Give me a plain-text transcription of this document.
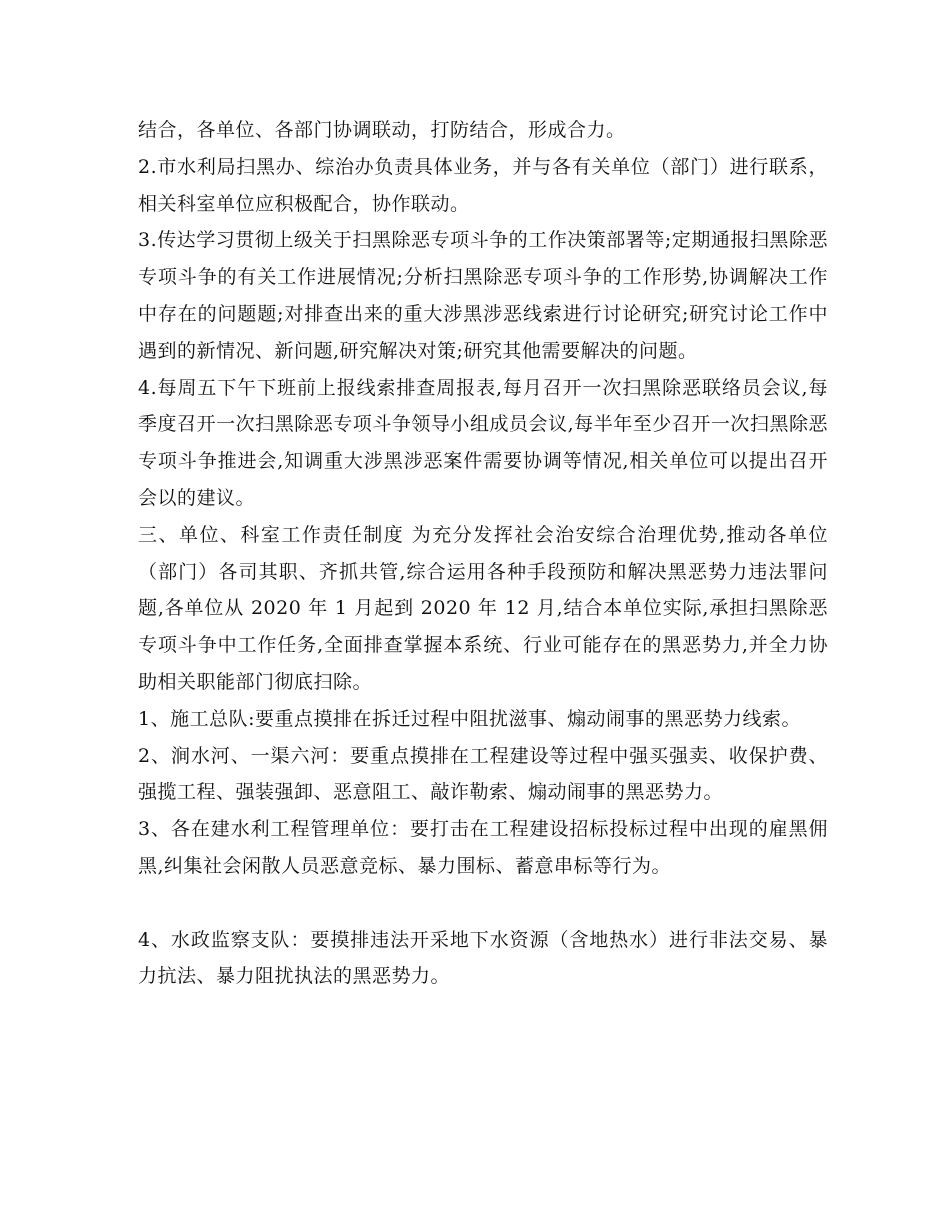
结合，各单位、各部门协调联动，打防结合，形成合力。

2.市水利局扫黑办、综治办负责具体业务，并与各有关单位（部门）进行联系，相关科室单位应积极配合，协作联动。

3.传达学习贯彻上级关于扫黑除恶专项斗争的工作决策部署等;定期通报扫黑除恶专项斗争的有关工作进展情况;分析扫黑除恶专项斗争的工作形势,协调解决工作中存在的问题题;对排查出来的重大涉黑涉恶线索进行讨论研究;研究讨论工作中遇到的新情况、新问题,研究解决对策;研究其他需要解决的问题。

4.每周五下午下班前上报线索排查周报表,每月召开一次扫黑除恶联络员会议,每季度召开一次扫黑除恶专项斗争领导小组成员会议,每半年至少召开一次扫黑除恶专项斗争推进会,知调重大涉黑涉恶案件需要协调等情况,相关单位可以提出召开会以的建议。

三、单位、科室工作责任制度 为充分发挥社会治安综合治理优势,推动各单位（部门）各司其职、齐抓共管,综合运用各种手段预防和解决黑恶势力违法罪问题,各单位从 2020 年 1 月起到 2020 年 12 月,结合本单位实际,承担扫黑除恶专项斗争中工作任务,全面排查掌握本系统、行业可能存在的黑恶势力,并全力协助相关职能部门彻底扫除。

1、施工总队:要重点摸排在拆迁过程中阻扰滋事、煽动闹事的黑恶势力线索。

2、涧水河、一渠六河：要重点摸排在工程建设等过程中强买强卖、收保护费、强揽工程、强装强卸、恶意阻工、敲诈勒索、煽动闹事的黑恶势力。

3、各在建水利工程管理单位：要打击在工程建设招标投标过程中出现的雇黑佣黑,纠集社会闲散人员恶意竞标、暴力围标、蓄意串标等行为。

4、水政监察支队：要摸排违法开采地下水资源（含地热水）进行非法交易、暴力抗法、暴力阻扰执法的黑恶势力。
